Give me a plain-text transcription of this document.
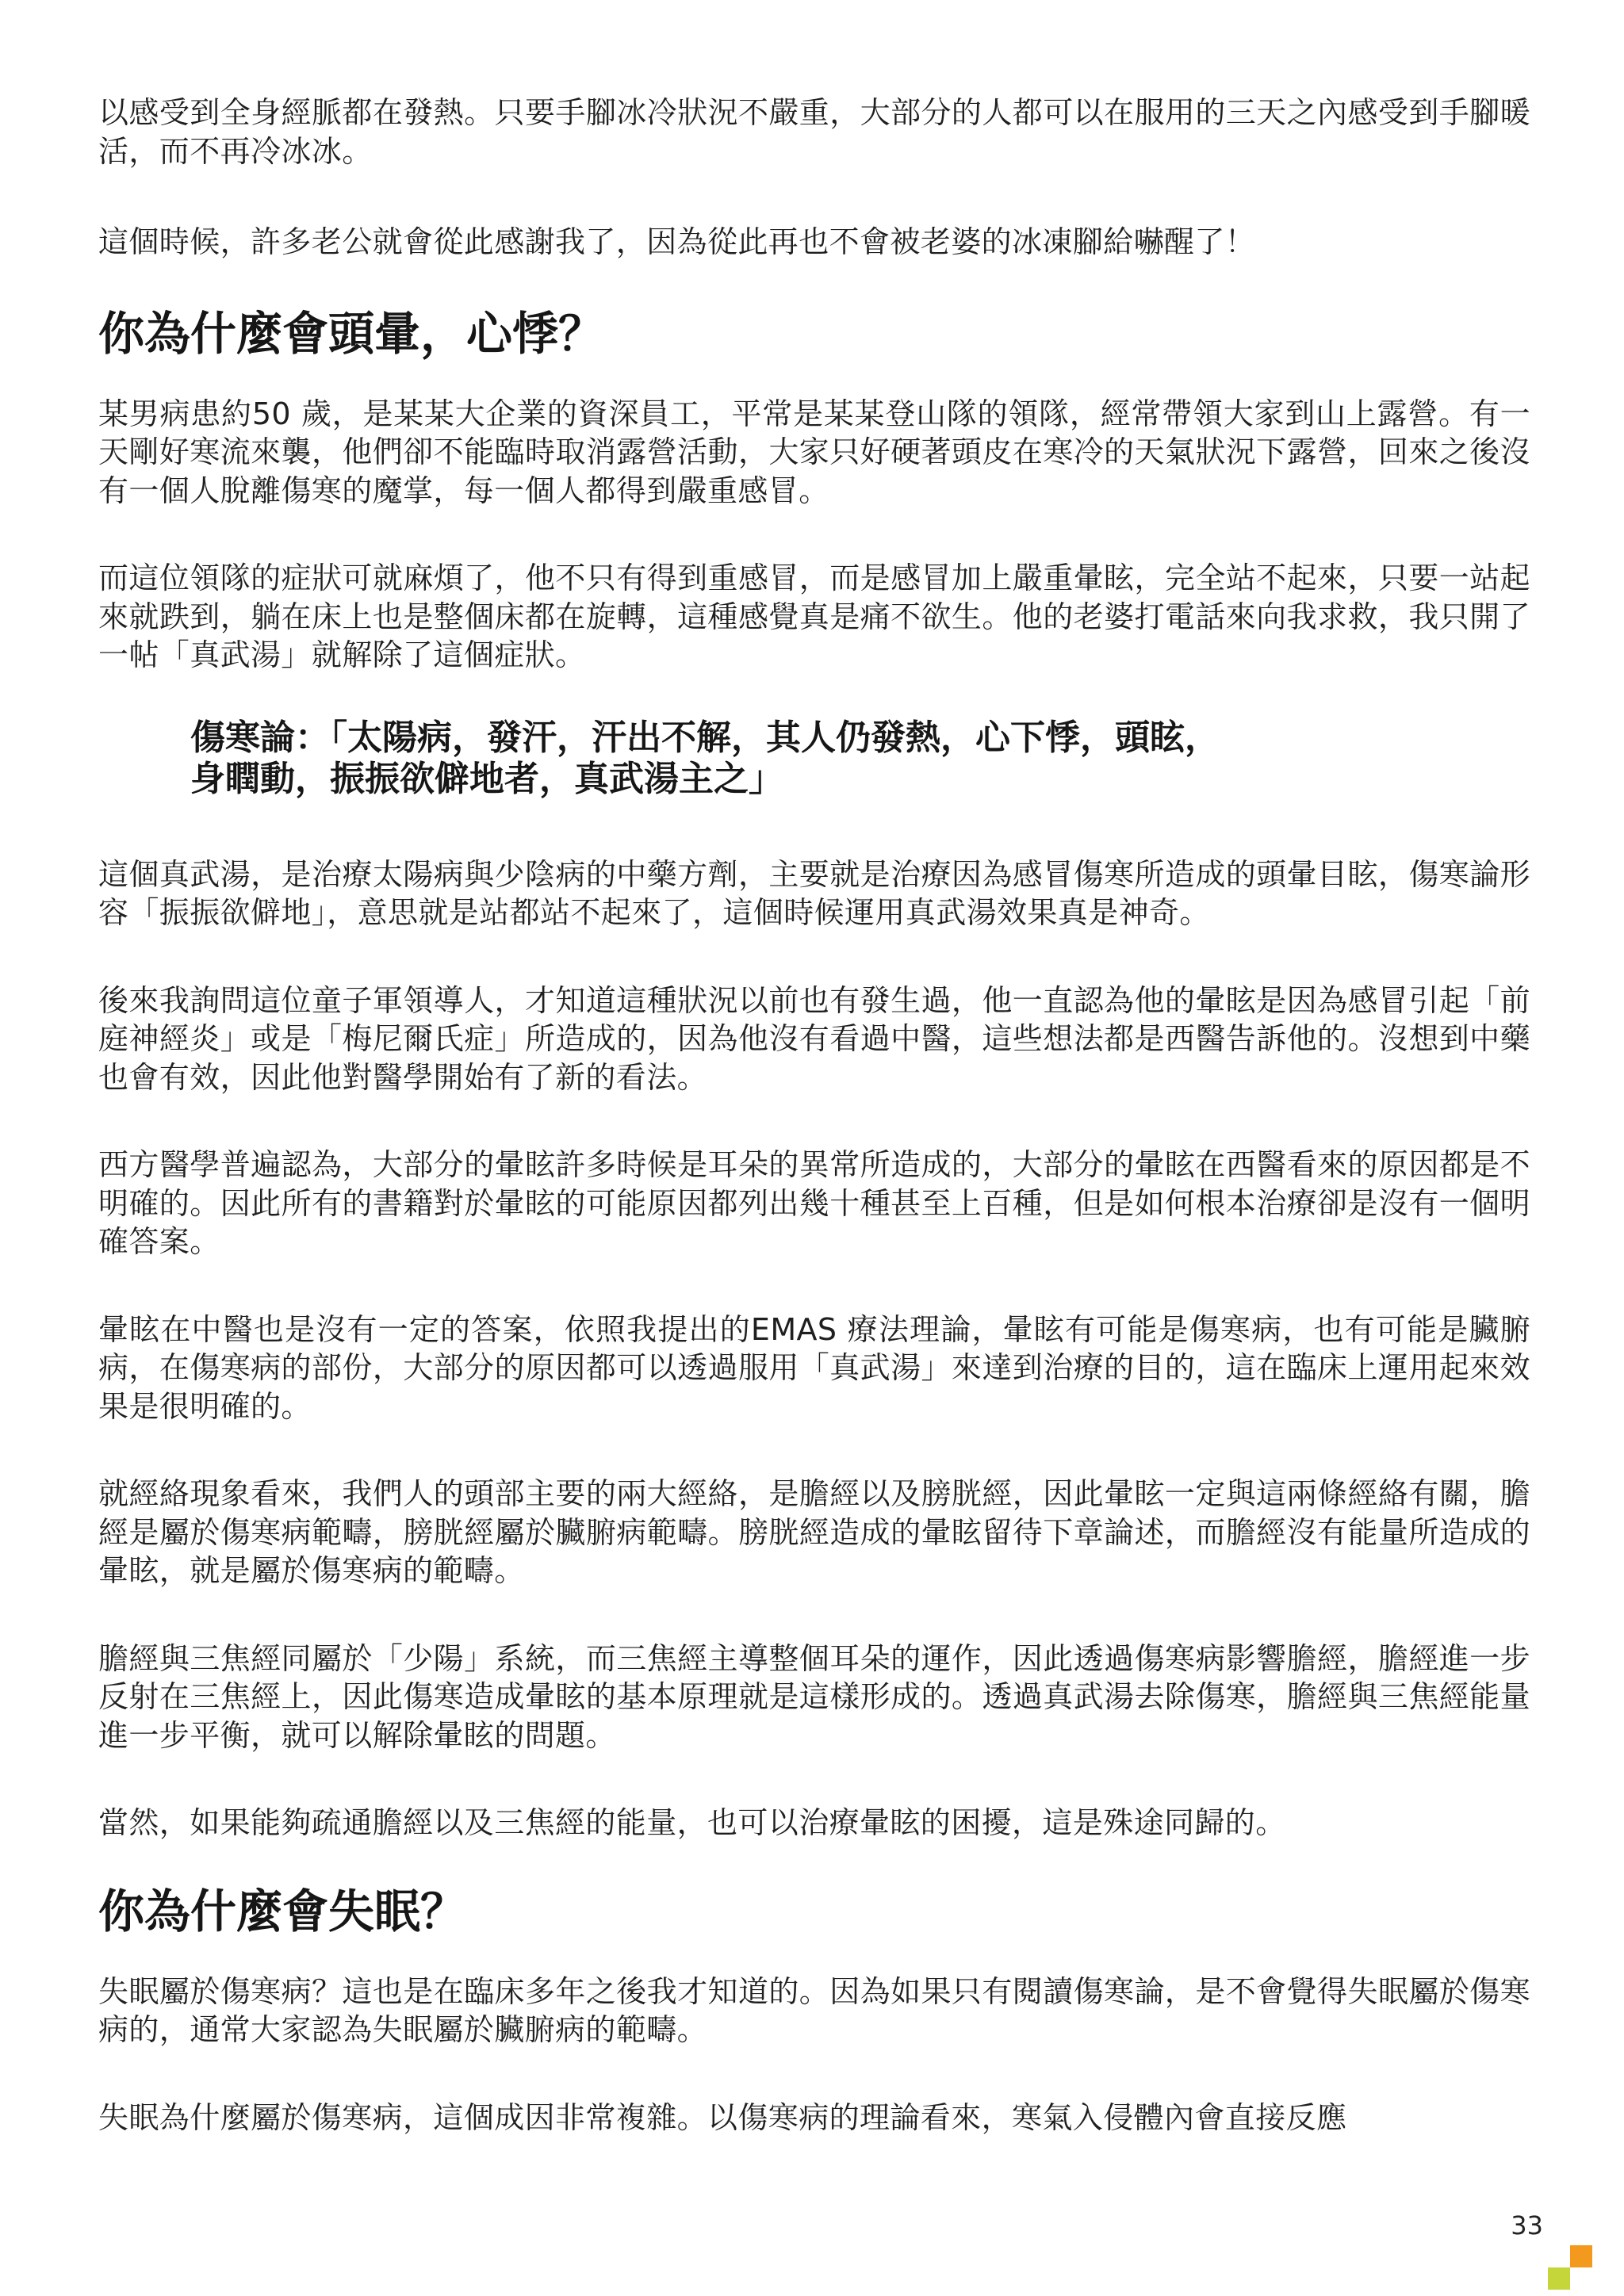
以感受到全身經脈都在發熱。只要手腳冰冷狀況不嚴重，大部分的人都可以在服用的三天之內感受到手腳暖活，而不再冷冰冰。

這個時候，許多老公就會從此感謝我了，因為從此再也不會被老婆的冰凍腳給嚇醒了！

你為什麼會頭暈，心悸？

某男病患約50 歲，是某某大企業的資深員工，平常是某某登山隊的領隊，經常帶領大家到山上露營。有一天剛好寒流來襲，他們卻不能臨時取消露營活動，大家只好硬著頭皮在寒冷的天氣狀況下露營，回來之後沒有一個人脫離傷寒的魔掌，每一個人都得到嚴重感冒。

而這位領隊的症狀可就麻煩了，他不只有得到重感冒，而是感冒加上嚴重暈眩，完全站不起來，只要一站起來就跌到，躺在床上也是整個床都在旋轉，這種感覺真是痛不欲生。他的老婆打電話來向我求救，我只開了一帖「真武湯」就解除了這個症狀。

傷寒論：「太陽病，發汗，汗出不解，其人仍發熱，心下悸，頭眩，
身瞤動，振振欲僻地者，真武湯主之」

這個真武湯，是治療太陽病與少陰病的中藥方劑，主要就是治療因為感冒傷寒所造成的頭暈目眩，傷寒論形容「振振欲僻地」，意思就是站都站不起來了，這個時候運用真武湯效果真是神奇。

後來我詢問這位童子軍領導人，才知道這種狀況以前也有發生過，他一直認為他的暈眩是因為感冒引起「前庭神經炎」或是「梅尼爾氏症」所造成的，因為他沒有看過中醫，這些想法都是西醫告訴他的。沒想到中藥也會有效，因此他對醫學開始有了新的看法。

西方醫學普遍認為，大部分的暈眩許多時候是耳朵的異常所造成的，大部分的暈眩在西醫看來的原因都是不明確的。因此所有的書籍對於暈眩的可能原因都列出幾十種甚至上百種，但是如何根本治療卻是沒有一個明確答案。

暈眩在中醫也是沒有一定的答案，依照我提出的EMAS 療法理論，暈眩有可能是傷寒病，也有可能是臟腑病，在傷寒病的部份，大部分的原因都可以透過服用「真武湯」來達到治療的目的，這在臨床上運用起來效果是很明確的。

就經絡現象看來，我們人的頭部主要的兩大經絡，是膽經以及膀胱經，因此暈眩一定與這兩條經絡有關，膽經是屬於傷寒病範疇，膀胱經屬於臟腑病範疇。膀胱經造成的暈眩留待下章論述，而膽經沒有能量所造成的暈眩，就是屬於傷寒病的範疇。

膽經與三焦經同屬於「少陽」系統，而三焦經主導整個耳朵的運作，因此透過傷寒病影響膽經，膽經進一步反射在三焦經上，因此傷寒造成暈眩的基本原理就是這樣形成的。透過真武湯去除傷寒，膽經與三焦經能量進一步平衡，就可以解除暈眩的問題。

當然，如果能夠疏通膽經以及三焦經的能量，也可以治療暈眩的困擾，這是殊途同歸的。

你為什麼會失眠？

失眠屬於傷寒病？這也是在臨床多年之後我才知道的。因為如果只有閱讀傷寒論，是不會覺得失眠屬於傷寒病的，通常大家認為失眠屬於臟腑病的範疇。

失眠為什麼屬於傷寒病，這個成因非常複雜。以傷寒病的理論看來，寒氣入侵體內會直接反應

33
